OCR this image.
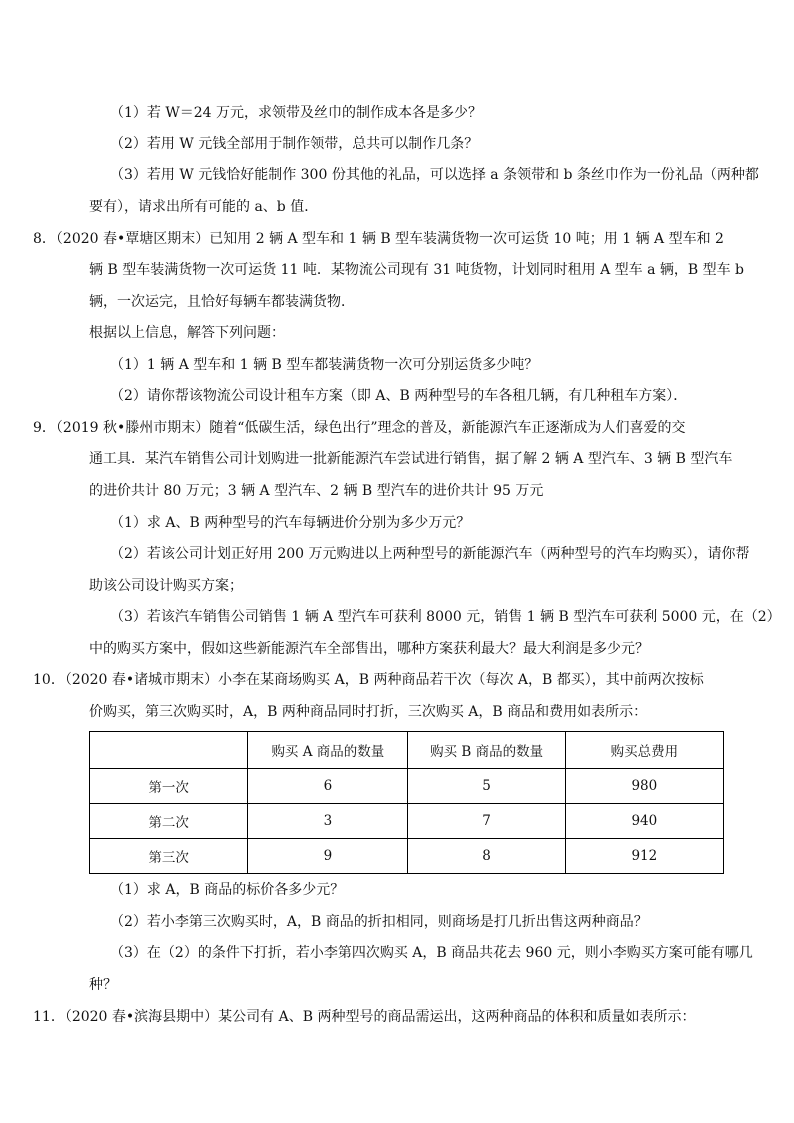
（1）若 W＝24 万元，求领带及丝巾的制作成本各是多少？
（2）若用 W 元钱全部用于制作领带，总共可以制作几条？
（3）若用 W 元钱恰好能制作 300 份其他的礼品，可以选择 a 条领带和 b 条丝巾作为一份礼品（两种都
要有），请求出所有可能的 a、b 值．
8．（2020 春•覃塘区期末）已知用 2 辆 A 型车和 1 辆 B 型车装满货物一次可运货 10 吨；用 1 辆 A 型车和 2
辆 B 型车装满货物一次可运货 11 吨．某物流公司现有 31 吨货物，计划同时租用 A 型车 a 辆，B 型车 b
辆，一次运完，且恰好每辆车都装满货物．
根据以上信息，解答下列问题：
（1）1 辆 A 型车和 1 辆 B 型车都装满货物一次可分别运货多少吨？
（2）请你帮该物流公司设计租车方案（即 A、B 两种型号的车各租几辆，有几种租车方案）．
9．（2019 秋•滕州市期末）随着“低碳生活，绿色出行”理念的普及，新能源汽车正逐渐成为人们喜爱的交
通工具．某汽车销售公司计划购进一批新能源汽车尝试进行销售，据了解 2 辆 A 型汽车、3 辆 B 型汽车
的进价共计 80 万元；3 辆 A 型汽车、2 辆 B 型汽车的进价共计 95 万元
（1）求 A、B 两种型号的汽车每辆进价分别为多少万元？
（2）若该公司计划正好用 200 万元购进以上两种型号的新能源汽车（两种型号的汽车均购买），请你帮
助该公司设计购买方案；
（3）若该汽车销售公司销售 1 辆 A 型汽车可获利 8000 元，销售 1 辆 B 型汽车可获利 5000 元，在（2）
中的购买方案中，假如这些新能源汽车全部售出，哪种方案获利最大？最大利润是多少元？
10．（2020 春•诸城市期末）小李在某商场购买 A，B 两种商品若干次（每次 A，B 都买），其中前两次按标
价购买，第三次购买时，A，B 两种商品同时打折，三次购买 A，B 商品和费用如表所示：
	购买 A 商品的数量	购买 B 商品的数量	购买总费用
第一次	6	5	980
第二次	3	7	940
第三次	9	8	912
（1）求 A，B 商品的标价各多少元？
（2）若小李第三次购买时，A，B 商品的折扣相同，则商场是打几折出售这两种商品？
（3）在（2）的条件下打折，若小李第四次购买 A，B 商品共花去 960 元，则小李购买方案可能有哪几
种？
11．（2020 春•滨海县期中）某公司有 A、B 两种型号的商品需运出，这两种商品的体积和质量如表所示：
